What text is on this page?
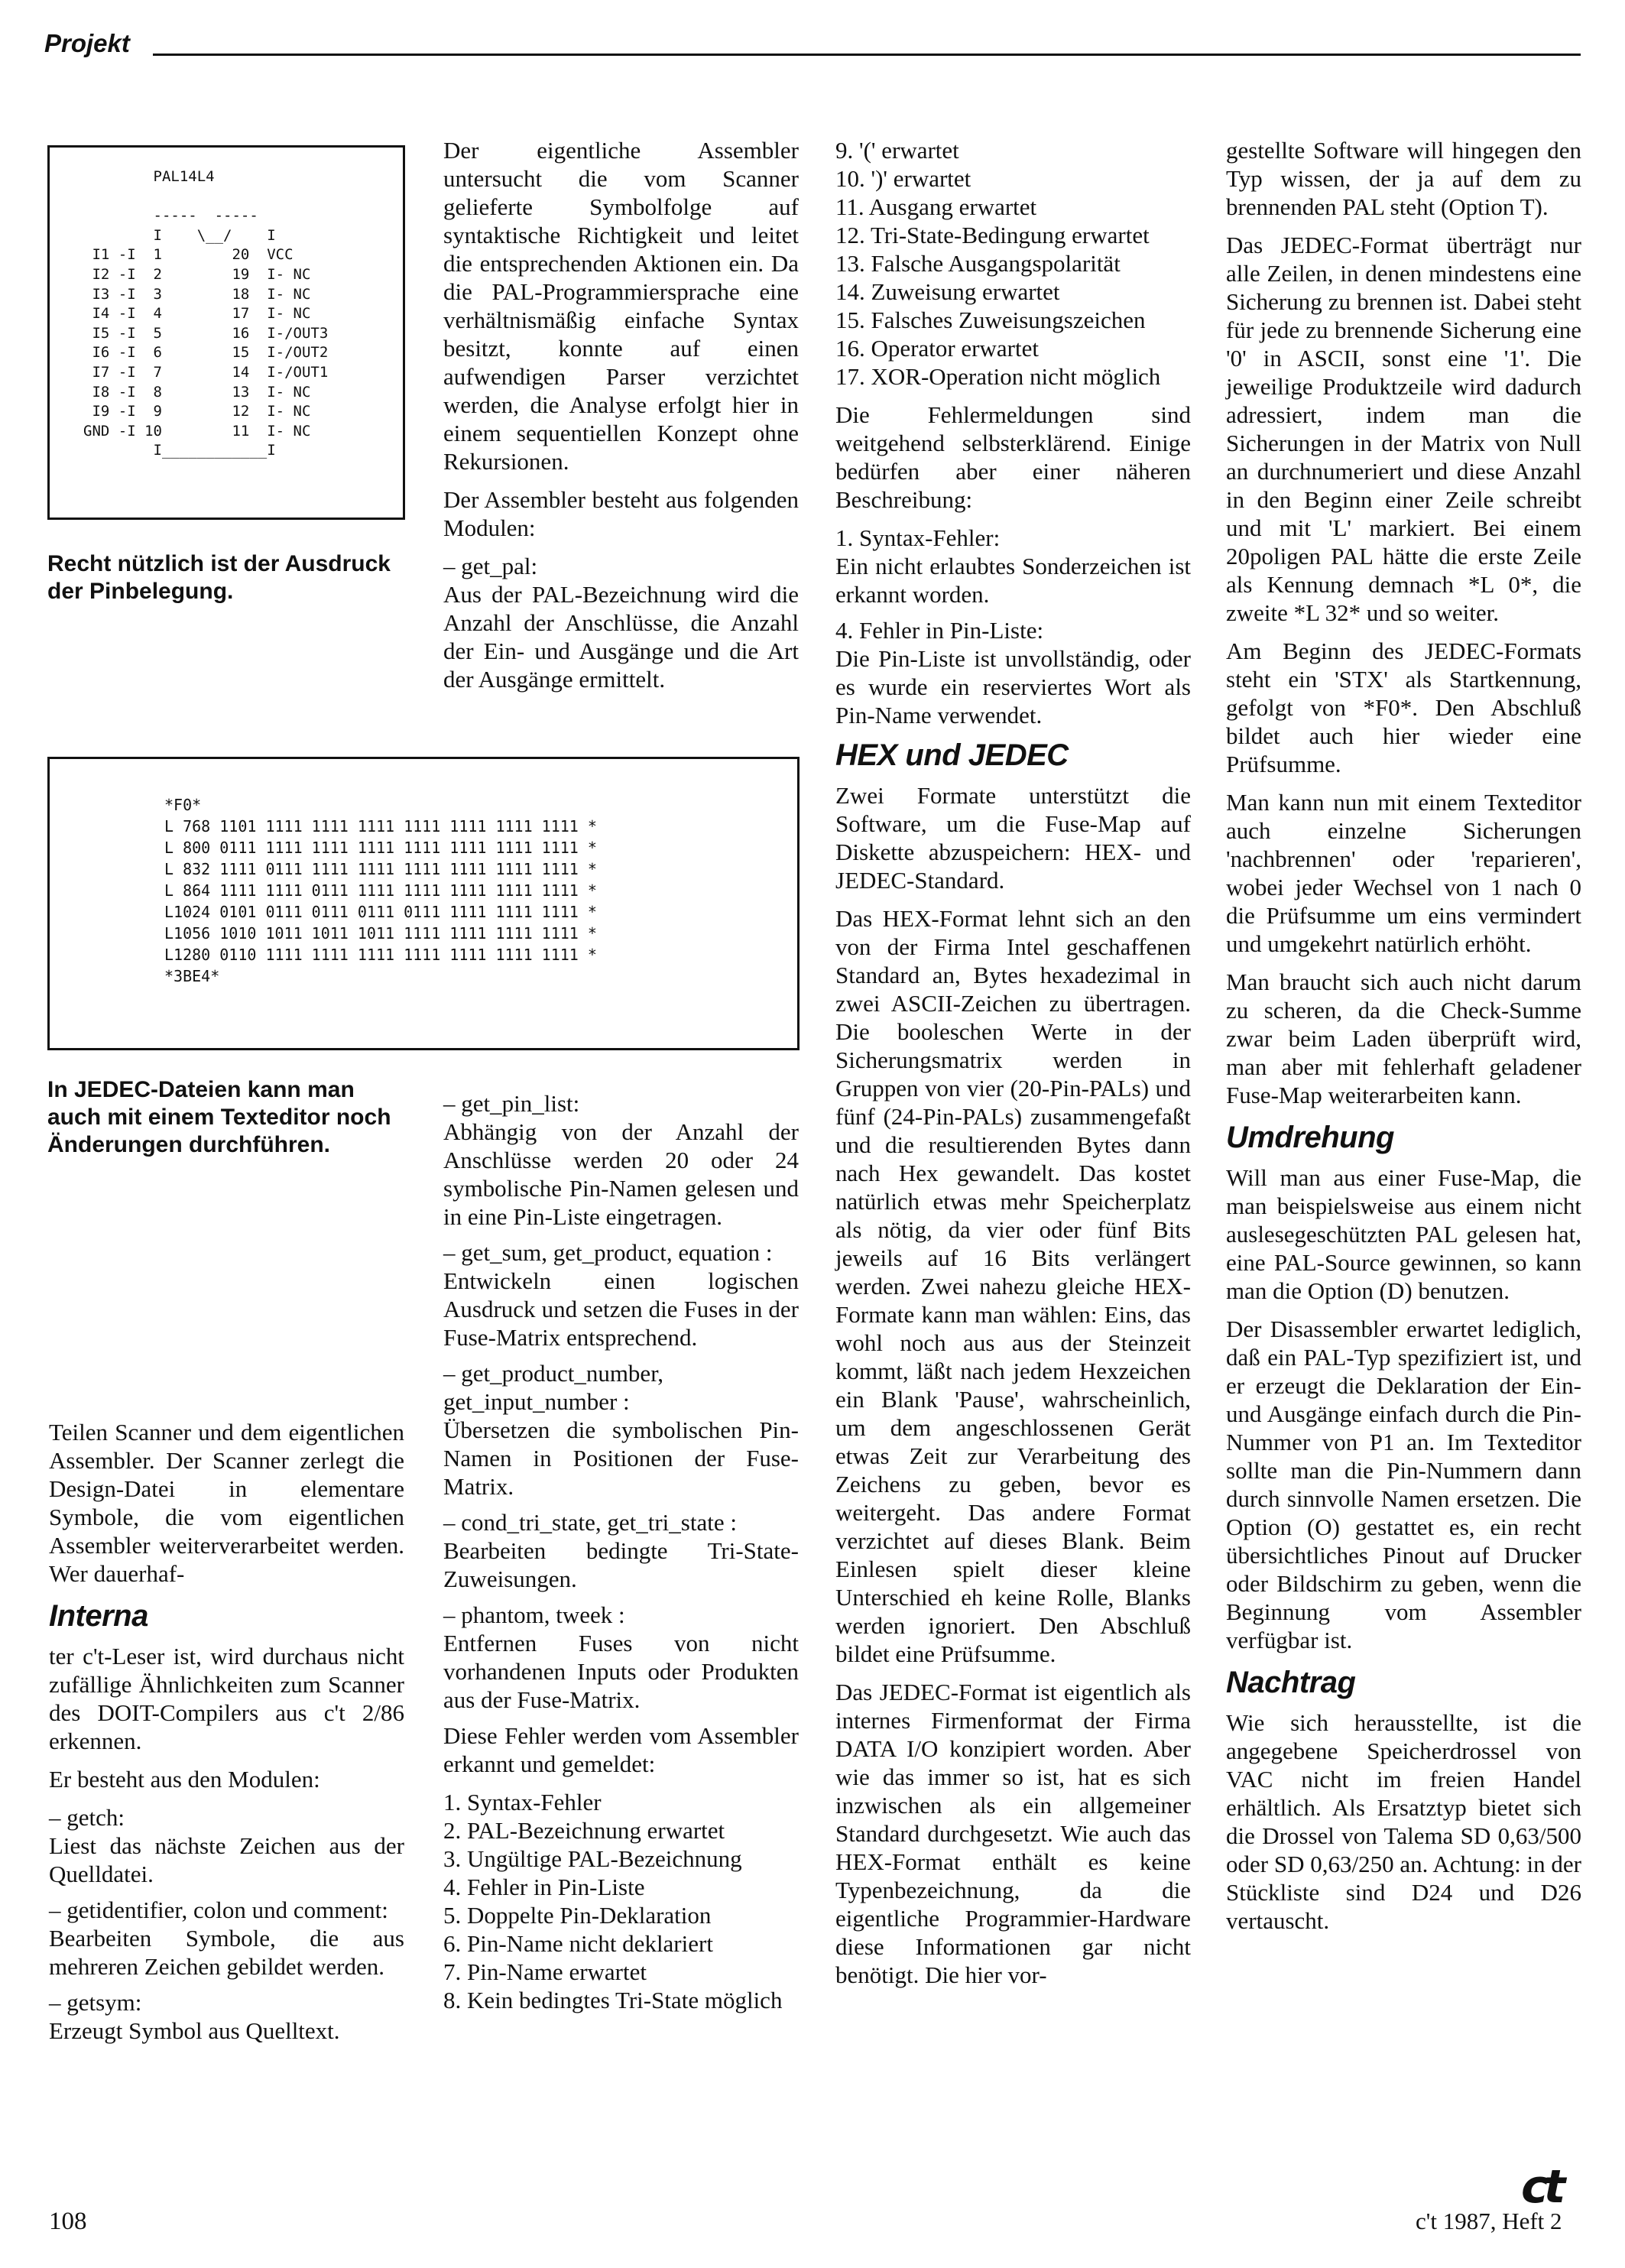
Projekt
PAL14L4

-----  -----
I    \__/    I
I1 -I  1        20  VCC
I2 -I  2        19  I- NC
I3 -I  3        18  I- NC
I4 -I  4        17  I- NC
I5 -I  5        16  I-/OUT3
I6 -I  6        15  I-/OUT2
I7 -I  7        14  I-/OUT1
I8 -I  8        13  I- NC
I9 -I  9        12  I- NC
GND -I 10        11  I- NC
I____________I
Recht nützlich ist der Ausdruck der Pinbelegung.
*F0*
L 768 1101 1111 1111 1111 1111 1111 1111 1111 *
L 800 0111 1111 1111 1111 1111 1111 1111 1111 *
L 832 1111 0111 1111 1111 1111 1111 1111 1111 *
L 864 1111 1111 0111 1111 1111 1111 1111 1111 *
L1024 0101 0111 0111 0111 0111 1111 1111 1111 *
L1056 1010 1011 1011 1011 1111 1111 1111 1111 *
L1280 0110 1111 1111 1111 1111 1111 1111 1111 *
*3BE4*
In JEDEC-Dateien kann man auch mit einem Texteditor noch Änderungen durchführen.

Teilen Scanner und dem eigentlichen Assembler. Der Scanner zerlegt die Design-Datei in elementare Symbole, die vom eigentlichen Assembler weiterverarbeitet werden. Wer dauerhaf-

Interna

ter c't-Leser ist, wird durchaus nicht zufällige Ähnlichkeiten zum Scanner des DOIT-Compilers aus c't 2/86 erkennen.

Er besteht aus den Modulen:

– getch:
Liest das nächste Zeichen aus der Quelldatei.
– getidentifier, colon und comment:
Bearbeiten Symbole, die aus mehreren Zeichen gebildet werden.
– getsym:
Erzeugt Symbol aus Quelltext.

Der eigentliche Assembler untersucht die vom Scanner gelieferte Symbolfolge auf syntaktische Richtigkeit und leitet die entsprechenden Aktionen ein. Da die PAL-Programmiersprache eine verhältnismäßig einfache Syntax besitzt, konnte auf einen aufwendigen Parser verzichtet werden, die Analyse erfolgt hier in einem sequentiellen Konzept ohne Rekursionen.

Der Assembler besteht aus folgenden Modulen:

– get_pal:
Aus der PAL-Bezeichnung wird die Anzahl der Anschlüsse, die Anzahl der Ein- und Ausgänge und die Art der Ausgänge ermittelt.
– get_pin_list:
Abhängig von der Anzahl der Anschlüsse werden 20 oder 24 symbolische Pin-Namen gelesen und in eine Pin-Liste eingetragen.
– get_sum, get_product, equation :
Entwickeln einen logischen Ausdruck und setzen die Fuses in der Fuse-Matrix entsprechend.
– get_product_number, get_input_number :
Übersetzen die symbolischen Pin-Namen in Positionen der Fuse-Matrix.
– cond_tri_state, get_tri_state :
Bearbeiten bedingte Tri-State-Zuweisungen.
– phantom, tweek :
Entfernen Fuses von nicht vorhandenen Inputs oder Produkten aus der Fuse-Matrix.

Diese Fehler werden vom Assembler erkannt und gemeldet:

1. Syntax-Fehler
2. PAL-Bezeichnung erwartet
3. Ungültige PAL-Bezeichnung
4. Fehler in Pin-Liste
5. Doppelte Pin-Deklaration
6. Pin-Name nicht deklariert
7. Pin-Name erwartet
8. Kein bedingtes Tri-State möglich
9. '(' erwartet
10. ')' erwartet
11. Ausgang erwartet
12. Tri-State-Bedingung erwartet
13. Falsche Ausgangspolarität
14. Zuweisung erwartet
15. Falsches Zuweisungszeichen
16. Operator erwartet
17. XOR-Operation nicht möglich

Die Fehlermeldungen sind weitgehend selbsterklärend. Einige bedürfen aber einer näheren Beschreibung:

1. Syntax-Fehler:
Ein nicht erlaubtes Sonderzeichen ist erkannt worden.
4. Fehler in Pin-Liste:
Die Pin-Liste ist unvollständig, oder es wurde ein reserviertes Wort als Pin-Name verwendet.
HEX und JEDEC

Zwei Formate unterstützt die Software, um die Fuse-Map auf Diskette abzuspeichern: HEX- und JEDEC-Standard.

Das HEX-Format lehnt sich an den von der Firma Intel geschaffenen Standard an, Bytes hexadezimal in zwei ASCII-Zeichen zu übertragen. Die booleschen Werte in der Sicherungsmatrix werden in Gruppen von vier (20-Pin-PALs) und fünf (24-Pin-PALs) zusammengefaßt und die resultierenden Bytes dann nach Hex gewandelt. Das kostet natürlich etwas mehr Speicherplatz als nötig, da vier oder fünf Bits jeweils auf 16 Bits verlängert werden. Zwei nahezu gleiche HEX-Formate kann man wählen: Eins, das wohl noch aus aus der Steinzeit kommt, läßt nach jedem Hexzeichen ein Blank 'Pause', wahrscheinlich, um dem angeschlossenen Gerät etwas Zeit zur Verarbeitung des Zeichens zu geben, bevor es weitergeht. Das andere Format verzichtet auf dieses Blank. Beim Einlesen spielt dieser kleine Unterschied eh keine Rolle, Blanks werden ignoriert. Den Abschluß bildet eine Prüfsumme.

Das JEDEC-Format ist eigentlich als internes Firmenformat der Firma DATA I/O konzipiert worden. Aber wie das immer so ist, hat es sich inzwischen als ein allgemeiner Standard durchgesetzt. Wie auch das HEX-Format enthält es keine Typenbezeichnung, da die eigentliche Programmier-Hardware diese Informationen gar nicht benötigt. Die hier vor-

gestellte Software will hingegen den Typ wissen, der ja auf dem zu brennenden PAL steht (Option T).

Das JEDEC-Format überträgt nur alle Zeilen, in denen mindestens eine Sicherung zu brennen ist. Dabei steht für jede zu brennende Sicherung eine '0' in ASCII, sonst eine '1'. Die jeweilige Produktzeile wird dadurch adressiert, indem man die Sicherungen in der Matrix von Null an durchnumeriert und diese Anzahl in den Beginn einer Zeile schreibt und mit 'L' markiert. Bei einem 20poligen PAL hätte die erste Zeile als Kennung demnach *L 0*, die zweite *L 32* und so weiter.

Am Beginn des JEDEC-Formats steht ein 'STX' als Startkennung, gefolgt von *F0*. Den Abschluß bildet auch hier wieder eine Prüfsumme.

Man kann nun mit einem Texteditor auch einzelne Sicherungen 'nachbrennen' oder 'reparieren', wobei jeder Wechsel von 1 nach 0 die Prüfsumme um eins vermindert und umgekehrt natürlich erhöht.

Man braucht sich auch nicht darum zu scheren, da die Check-Summe zwar beim Laden überprüft wird, man aber mit fehlerhaft geladener Fuse-Map weiterarbeiten kann.

Umdrehung

Will man aus einer Fuse-Map, die man beispielsweise aus einem nicht auslesegeschützten PAL gelesen hat, eine PAL-Source gewinnen, so kann man die Option (D) benutzen.

Der Disassembler erwartet lediglich, daß ein PAL-Typ spezifiziert ist, und er erzeugt die Deklaration der Ein- und Ausgänge einfach durch die Pin-Nummer von P1 an. Im Texteditor sollte man die Pin-Nummern dann durch sinnvolle Namen ersetzen. Die Option (O) gestattet es, ein recht übersichtliches Pinout auf Drucker oder Bildschirm zu geben, wenn die Beginnung vom Assembler verfügbar ist.

Nachtrag

Wie sich herausstellte, ist die angegebene Speicherdrossel von VAC nicht im freien Handel erhältlich. Als Ersatztyp bietet sich die Drossel von Talema SD 0,63/500 oder SD 0,63/250 an. Achtung: in der Stückliste sind D24 und D26 vertauscht.

108
ct
c't 1987, Heft 2
